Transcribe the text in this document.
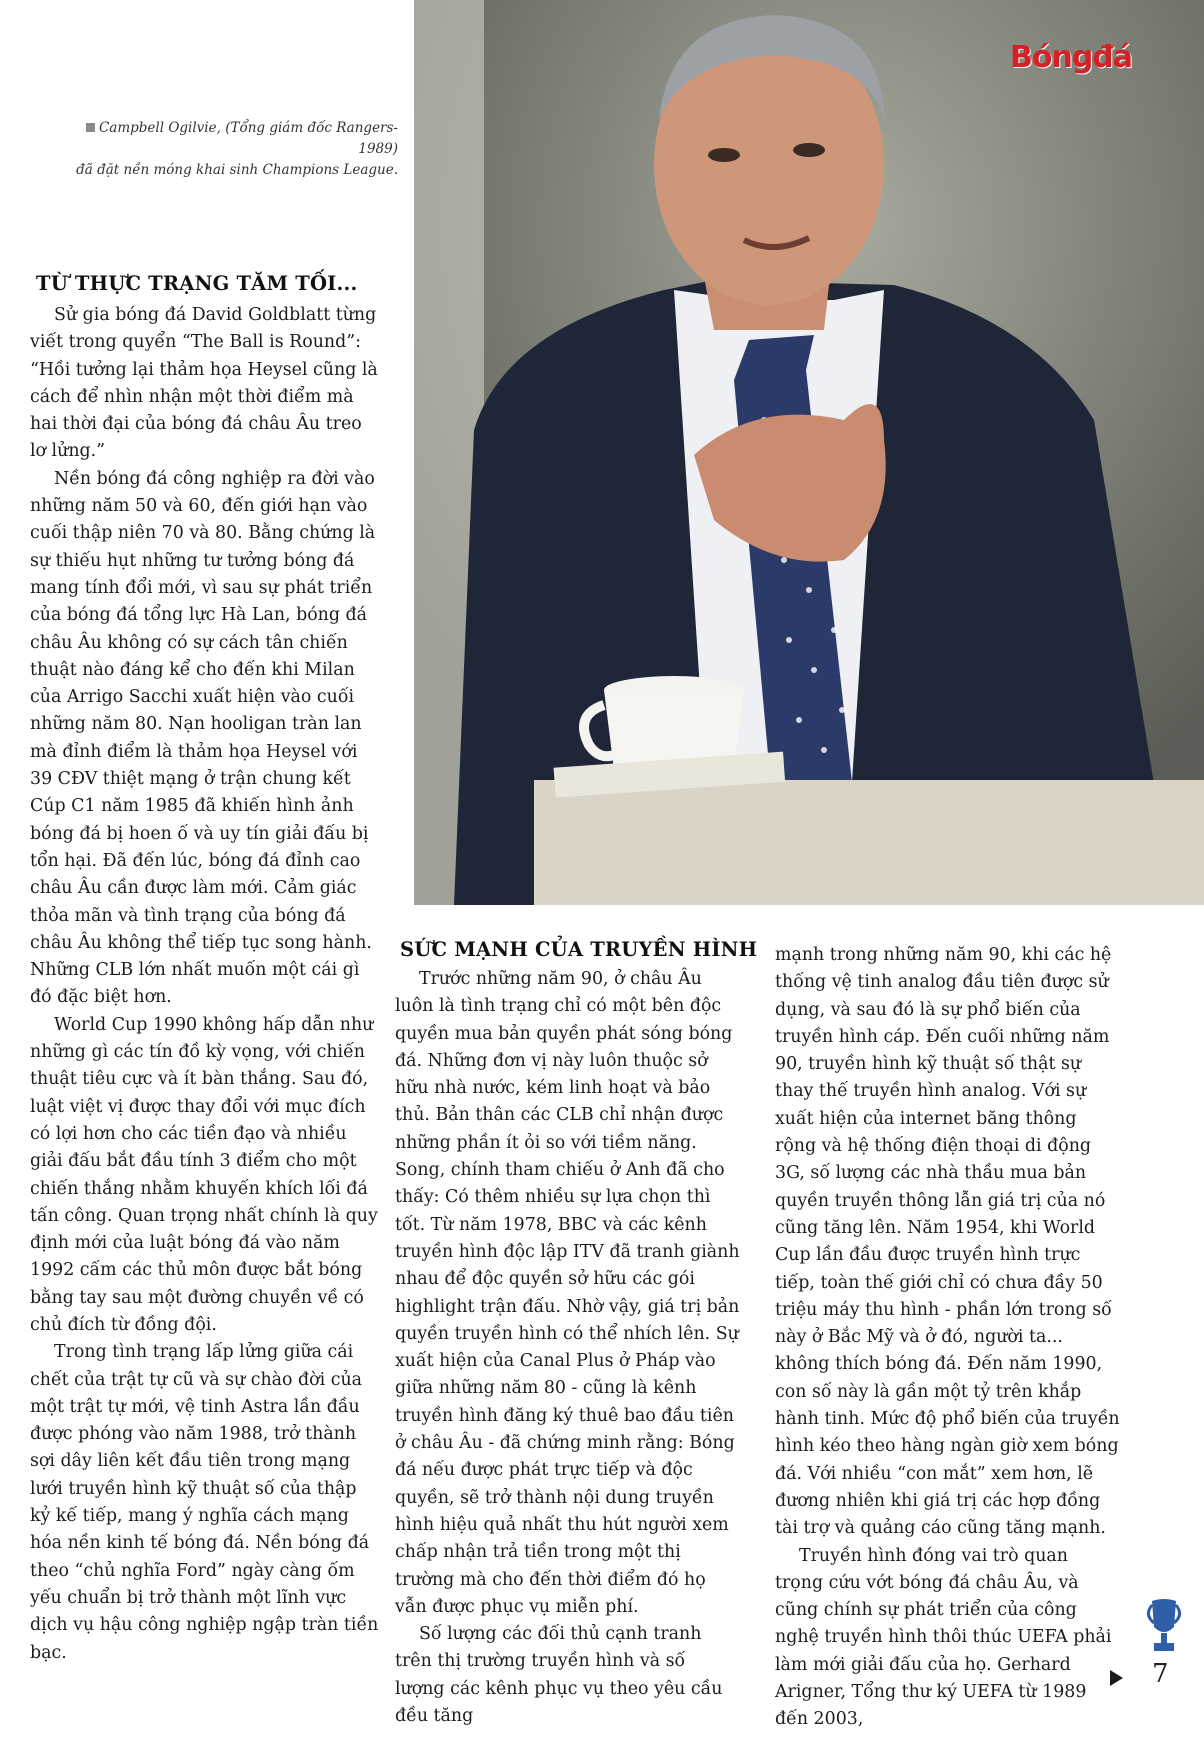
Bóngđá
Campbell Ogilvie, (Tổng giám đốc Rangers-1989)
đã đặt nền móng khai sinh Champions League.
TỪ THỰC TRẠNG TĂM TỐI...

Sử gia bóng đá David Goldblatt từng viết trong quyển “The Ball is Round”: “Hồi tưởng lại thảm họa Heysel cũng là cách để nhìn nhận một thời điểm mà hai thời đại của bóng đá châu Âu treo lơ lửng.”

Nền bóng đá công nghiệp ra đời vào những năm 50 và 60, đến giới hạn vào cuối thập niên 70 và 80. Bằng chứng là sự thiếu hụt những tư tưởng bóng đá mang tính đổi mới, vì sau sự phát triển của bóng đá tổng lực Hà Lan, bóng đá châu Âu không có sự cách tân chiến thuật nào đáng kể cho đến khi Milan của Arrigo Sacchi xuất hiện vào cuối những năm 80. Nạn hooligan tràn lan mà đỉnh điểm là thảm họa Heysel với 39 CĐV thiệt mạng ở trận chung kết Cúp C1 năm 1985 đã khiến hình ảnh bóng đá bị hoen ố và uy tín giải đấu bị tổn hại. Đã đến lúc, bóng đá đỉnh cao châu Âu cần được làm mới. Cảm giác thỏa mãn và tình trạng của bóng đá châu Âu không thể tiếp tục song hành. Những CLB lớn nhất muốn một cái gì đó đặc biệt hơn.

World Cup 1990 không hấp dẫn như những gì các tín đồ kỳ vọng, với chiến thuật tiêu cực và ít bàn thắng. Sau đó, luật việt vị được thay đổi với mục đích có lợi hơn cho các tiền đạo và nhiều giải đấu bắt đầu tính 3 điểm cho một chiến thắng nhằm khuyến khích lối đá tấn công. Quan trọng nhất chính là quy định mới của luật bóng đá vào năm 1992 cấm các thủ môn được bắt bóng bằng tay sau một đường chuyền về có chủ đích từ đồng đội.

Trong tình trạng lấp lửng giữa cái chết của trật tự cũ và sự chào đời của một trật tự mới, vệ tinh Astra lần đầu được phóng vào năm 1988, trở thành sợi dây liên kết đầu tiên trong mạng lưới truyền hình kỹ thuật số của thập kỷ kế tiếp, mang ý nghĩa cách mạng hóa nền kinh tế bóng đá. Nền bóng đá theo “chủ nghĩa Ford” ngày càng ốm yếu chuẩn bị trở thành một lĩnh vực dịch vụ hậu công nghiệp ngập tràn tiền bạc.

SỨC MẠNH CỦA TRUYỀN HÌNH

Trước những năm 90, ở châu Âu luôn là tình trạng chỉ có một bên độc quyền mua bản quyền phát sóng bóng đá. Những đơn vị này luôn thuộc sở hữu nhà nước, kém linh hoạt và bảo thủ. Bản thân các CLB chỉ nhận được những phần ít ỏi so với tiềm năng. Song, chính tham chiếu ở Anh đã cho thấy: Có thêm nhiều sự lựa chọn thì tốt. Từ năm 1978, BBC và các kênh truyền hình độc lập ITV đã tranh giành nhau để độc quyền sở hữu các gói highlight trận đấu. Nhờ vậy, giá trị bản quyền truyền hình có thể nhích lên. Sự xuất hiện của Canal Plus ở Pháp vào giữa những năm 80 - cũng là kênh truyền hình đăng ký thuê bao đầu tiên ở châu Âu - đã chứng minh rằng: Bóng đá nếu được phát trực tiếp và độc quyền, sẽ trở thành nội dung truyền hình hiệu quả nhất thu hút người xem chấp nhận trả tiền trong một thị trường mà cho đến thời điểm đó họ vẫn được phục vụ miễn phí.

Số lượng các đối thủ cạnh tranh trên thị trường truyền hình và số lượng các kênh phục vụ theo yêu cầu đều tăng

mạnh trong những năm 90, khi các hệ thống vệ tinh analog đầu tiên được sử dụng, và sau đó là sự phổ biến của truyền hình cáp. Đến cuối những năm 90, truyền hình kỹ thuật số thật sự thay thế truyền hình analog. Với sự xuất hiện của internet băng thông rộng và hệ thống điện thoại di động 3G, số lượng các nhà thầu mua bản quyền truyền thông lẫn giá trị của nó cũng tăng lên. Năm 1954, khi World Cup lần đầu được truyền hình trực tiếp, toàn thế giới chỉ có chưa đầy 50 triệu máy thu hình - phần lớn trong số này ở Bắc Mỹ và ở đó, người ta... không thích bóng đá. Đến năm 1990, con số này là gần một tỷ trên khắp hành tinh. Mức độ phổ biến của truyền hình kéo theo hàng ngàn giờ xem bóng đá. Với nhiều “con mắt” xem hơn, lẽ đương nhiên khi giá trị các hợp đồng tài trợ và quảng cáo cũng tăng mạnh.

Truyền hình đóng vai trò quan trọng cứu vớt bóng đá châu Âu, và cũng chính sự phát triển của công nghệ truyền hình thôi thúc UEFA phải làm mới giải đấu của họ. Gerhard Arigner, Tổng thư ký UEFA từ 1989 đến 2003,

7
